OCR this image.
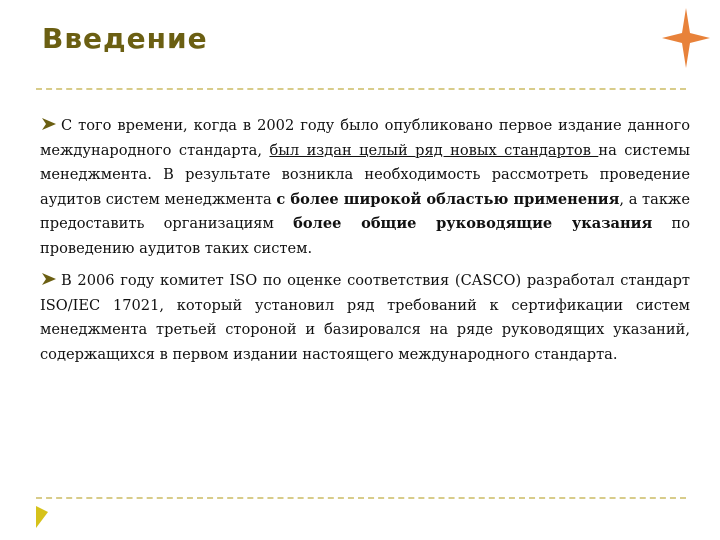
Введение

С того времени, когда в 2002 году было опубликовано первое издание данного международного стандарта, был издан целый ряд новых стандартов на системы менеджмента. В результате возникла необходимость рассмотреть проведение аудитов систем менеджмента с более широкой областью применения, а также предоставить организациям более общие руководящие указания по проведению аудитов таких систем.

В 2006 году комитет ISO по оценке соответствия (CASCO) разработал стандарт ISO/IEC 17021, который установил ряд требований к сертификации систем менеджмента третьей стороной и базировался на ряде руководящих указаний, содержащихся в первом издании настоящего международного стандарта.
